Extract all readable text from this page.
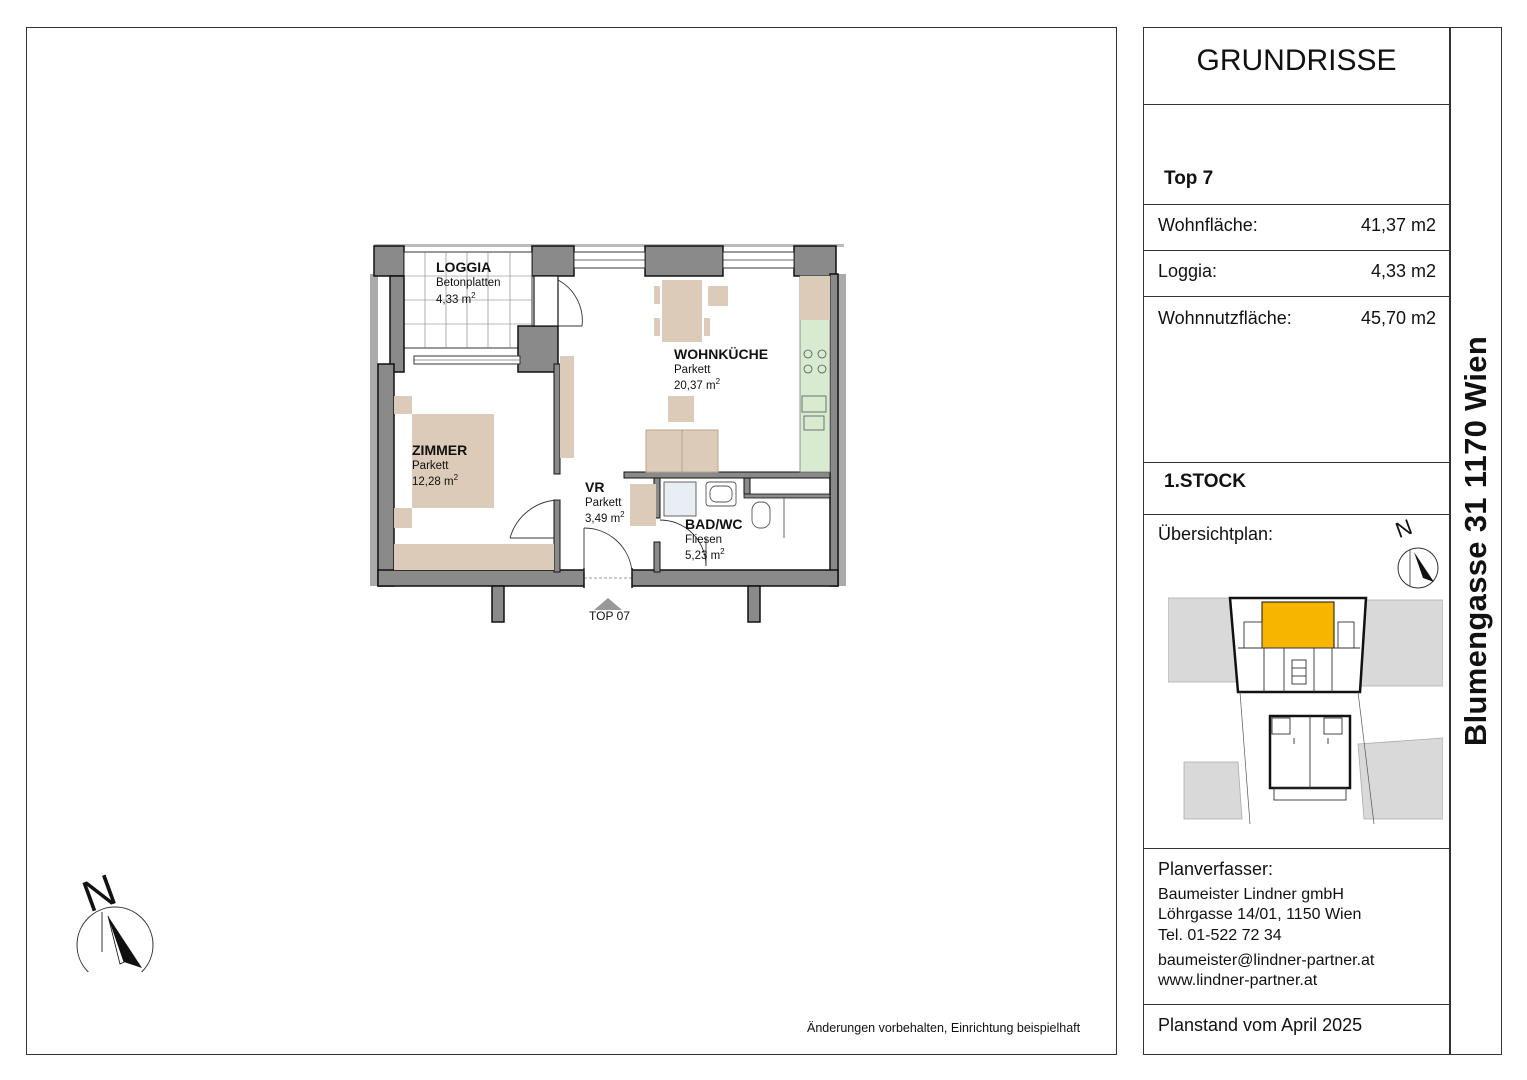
LOGGIA
Betonplatten
4,33 $m^2$
WOHNKÜCHE
Parkett
20,37 $m^2$
ZIMMER
Parkett
12,28 $m^2$
VR
Parkett
3,49 $m^2$
BAD/WC
Fliesen
5,23 $m^2$
TOP 07
N
Änderungen vorbehalten, Einrichtung beispielhaft
Blumengasse 31 1170 Wien
GRUNDRISSE
Top 7
Wohnfläche:	41,37 m2
Loggia:	4,33 m2
Wohnnutzfläche:	45,70 m2
1.STOCK
Übersichtplan:	N
Planverfasser:
Baumeister Lindner gmbH
Löhrgasse 14/01, 1150 Wien
Tel. 01-522 72 34
baumeister@lindner-partner.at
www.lindner-partner.at
Planstand vom April 2025
